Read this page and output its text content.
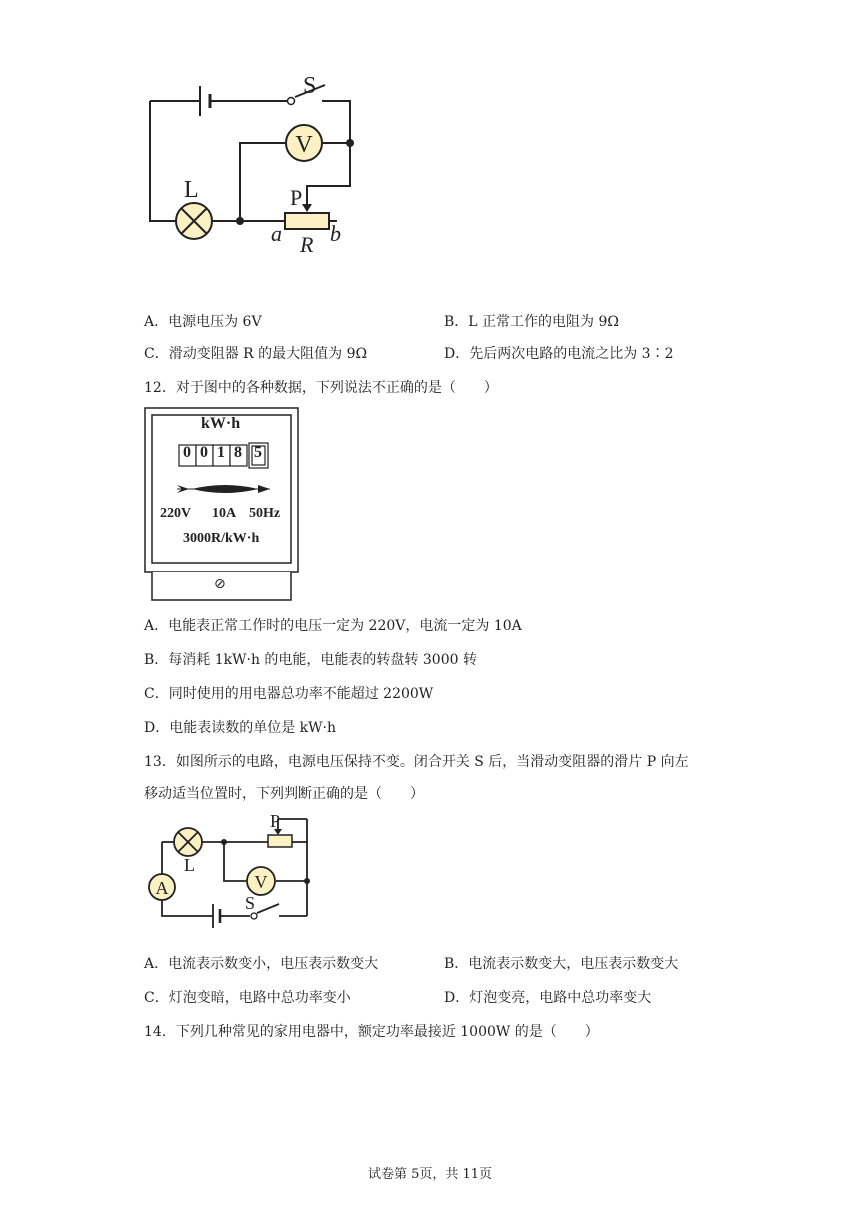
V
S
L	P
a R b
A．电源电压为 6V	B．L 正常工作的电阻为 9Ω
C．滑动变阻器 R 的最大阻值为 9Ω	D．先后两次电路的电流之比为 3∶2
12．对于图中的各种数据，下列说法不正确的是（　　）
kW·h
0 0 1 8 5
220V 10A 50Hz
3000R/kW·h
⊘
A．电能表正常工作时的电压一定为 220V，电流一定为 10A
B．每消耗 1kW·h 的电能，电能表的转盘转 3000 转
C．同时使用的用电器总功率不能超过 2200W
D．电能表读数的单位是 kW·h
13．如图所示的电路，电源电压保持不变。闭合开关 S 后，当滑动变阻器的滑片 P 向左
移动适当位置时，下列判断正确的是（　　）
A	V
P
L
S
A．电流表示数变小，电压表示数变大	B．电流表示数变大，电压表示数变大
C．灯泡变暗，电路中总功率变小	D．灯泡变亮，电路中总功率变大
14．下列几种常见的家用电器中，额定功率最接近 1000W 的是（　　）
试卷第 5页，共 11页
